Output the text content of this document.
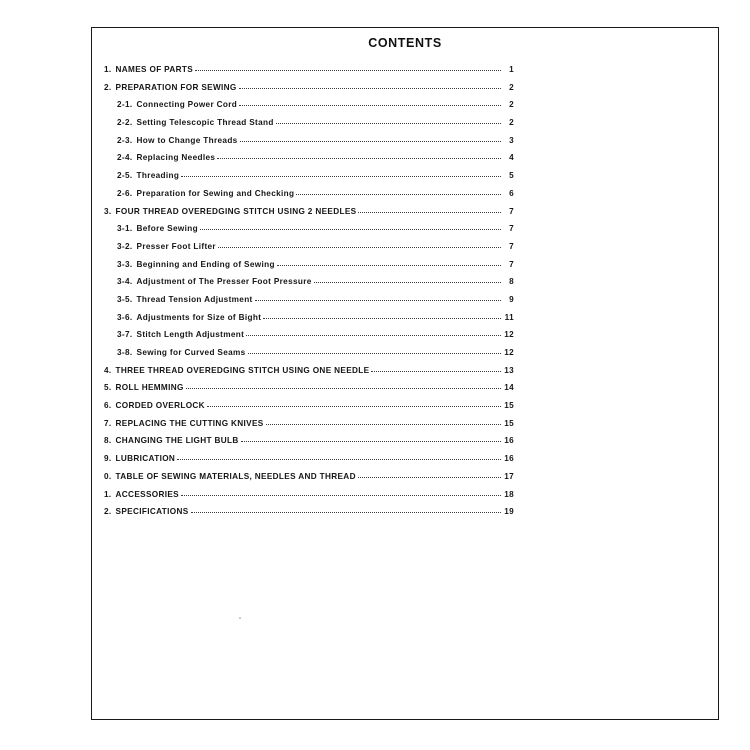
CONTENTS
1. NAMES OF PARTS	1
2. PREPARATION FOR SEWING	2
2-1. Connecting Power Cord	2
2-2. Setting Telescopic Thread Stand	2
2-3. How to Change Threads	3
2-4. Replacing Needles	4
2-5. Threading	5
2-6. Preparation for Sewing and Checking	6
3. FOUR THREAD OVEREDGING STITCH USING 2 NEEDLES	7
3-1. Before Sewing	7
3-2. Presser Foot Lifter	7
3-3. Beginning and Ending of Sewing	7
3-4. Adjustment of The Presser Foot Pressure	8
3-5. Thread Tension Adjustment	9
3-6. Adjustments for Size of Bight	11
3-7. Stitch Length Adjustment	12
3-8. Sewing for Curved Seams	12
4. THREE THREAD OVEREDGING STITCH USING ONE NEEDLE	13
5. ROLL HEMMING	14
6. CORDED OVERLOCK	15
7. REPLACING THE CUTTING KNIVES	15
8. CHANGING THE LIGHT BULB	16
9. LUBRICATION	16
0. TABLE OF SEWING MATERIALS, NEEDLES AND THREAD	17
1. ACCESSORIES	18
2. SPECIFICATIONS	19
